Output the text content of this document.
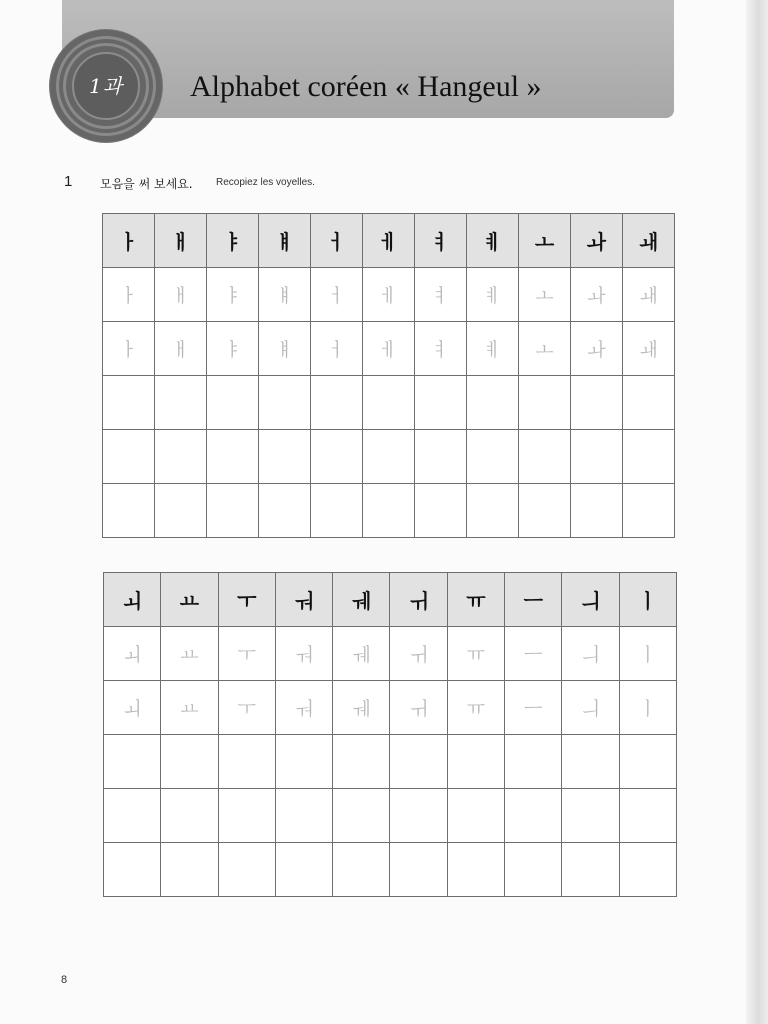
1과	Alphabet coréen « Hangeul »
1 모음을 써 보세요. Recopiez les voyelles.
ㅏ	ㅐ	ㅑ	ㅒ	ㅓ	ㅔ	ㅕ	ㅖ	ㅗ	ㅘ	ㅙ
ㅏ	ㅐ	ㅑ	ㅒ	ㅓ	ㅔ	ㅕ	ㅖ	ㅗ	ㅘ	ㅙ
ㅏ	ㅐ	ㅑ	ㅒ	ㅓ	ㅔ	ㅕ	ㅖ	ㅗ	ㅘ	ㅙ

ㅚ	ㅛ	ㅜ	ㅝ	ㅞ	ㅟ	ㅠ	ㅡ	ㅢ	ㅣ
ㅚ	ㅛ	ㅜ	ㅝ	ㅞ	ㅟ	ㅠ	ㅡ	ㅢ	ㅣ
ㅚ	ㅛ	ㅜ	ㅝ	ㅞ	ㅟ	ㅠ	ㅡ	ㅢ	ㅣ

8
